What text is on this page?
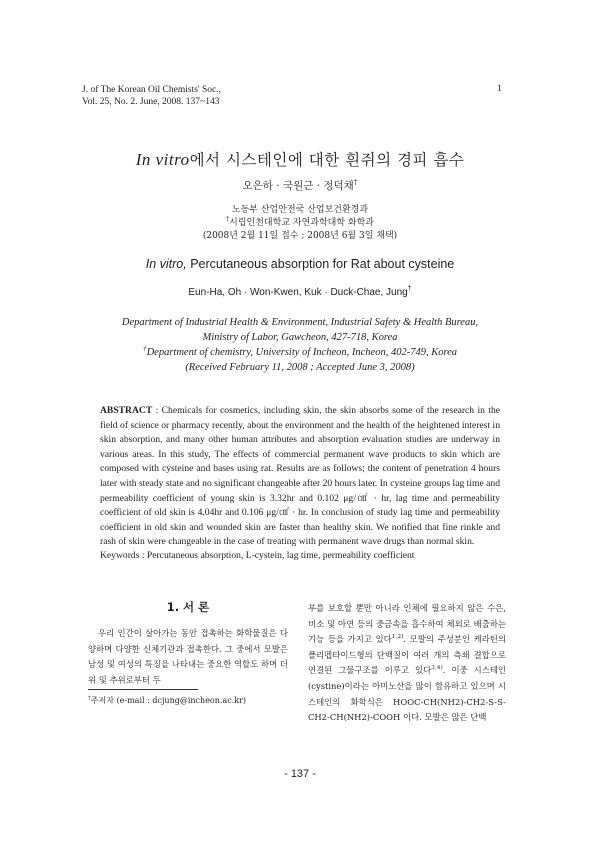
J. of The Korean Oil Chemists' Soc.,
Vol. 25, No. 2. June, 2008. 137~143
1
In vitro에서 시스테인에 대한 흰쥐의 경피 흡수
오은하 · 국원근 · 정덕채†
노동부 산업안전국 산업보건환경과
†시립인천대학교 자연과학대학 화학과
(2008년 2월 11일 접수 ; 2008년 6월 3일 채택)
In vitro, Percutaneous absorption for Rat about cysteine
Eun-Ha, Oh · Won-Kwen, Kuk · Duck-Chae, Jung†
Department of Industrial Health & Environment, Industrial Safety & Health Bureau,
Ministry of Labor, Gawcheon, 427-718, Korea
†Department of chemistry, University of Incheon, Incheon, 402-749, Korea
(Received February 11, 2008 ; Accepted June 3, 2008)
ABSTRACT : Chemicals for cosmetics, including skin, the skin absorbs some of the research in the field of science or pharmacy recently, about the environment and the health of the heightened interest in skin absorption, and many other human attributes and absorption evaluation studies are underway in various areas. In this study, The effects of commercial permanent wave products to skin which are composed with cysteine and bases using rat. Results are as follows; the content of penetration 4 hours later with steady state and no significant changeable after 20 hours later. In cysteine groups lag time and permeability coefficient of young skin is 3.32hr and 0.102 μg/㎠ · hr, lag time and permeability coefficient of old skin is 4.04hr and 0.106 μg/㎠ · hr. In conclusion of study lag time and permeability coefficient in old skin and wounded skin are faster than healthy skin. We notified that fine rinkle and rash of skin were changeable in the case of treating with permanent wave drugs than normal skin.
Keywords : Percutaneous absorption, L-cystein, lag time, permeability coefficient
1. 서 론
우리 인간이 살아가는 동안 접촉하는 화학물질은 다양하며 다양한 신체기관과 접촉한다. 그 중에서 모발은 남성 및 여성의 특징을 나타내는 중요한 역할도 하며 더위 및 추위로부터 두
부를 보호할 뿐만 아니라 인체에 필요하지 않은 수은, 비소 및 아연 등의 중금속을 흡수하여 체외로 배출하는 기능 등을 가지고 있다$^{1,2)}$. 모발의 주성분인 케라틴의 폴리펩타이드형의 단백질이 여러 개의 측쇄 결합으로 연결된 그물구조를 이루고 있다$^{3,4)}$. 이중 시스테인(cystine)이라는 아미노산을 많이 함유하고 있으며 시스테인의 화학식은 HOOC-CH(NH2)-CH2-S-S-CH2-CH(NH2)-COOH 이다. 모발은 많은 단백
†주저자 (e-mail : dcjung@incheon.ac.kr)
- 137 -
